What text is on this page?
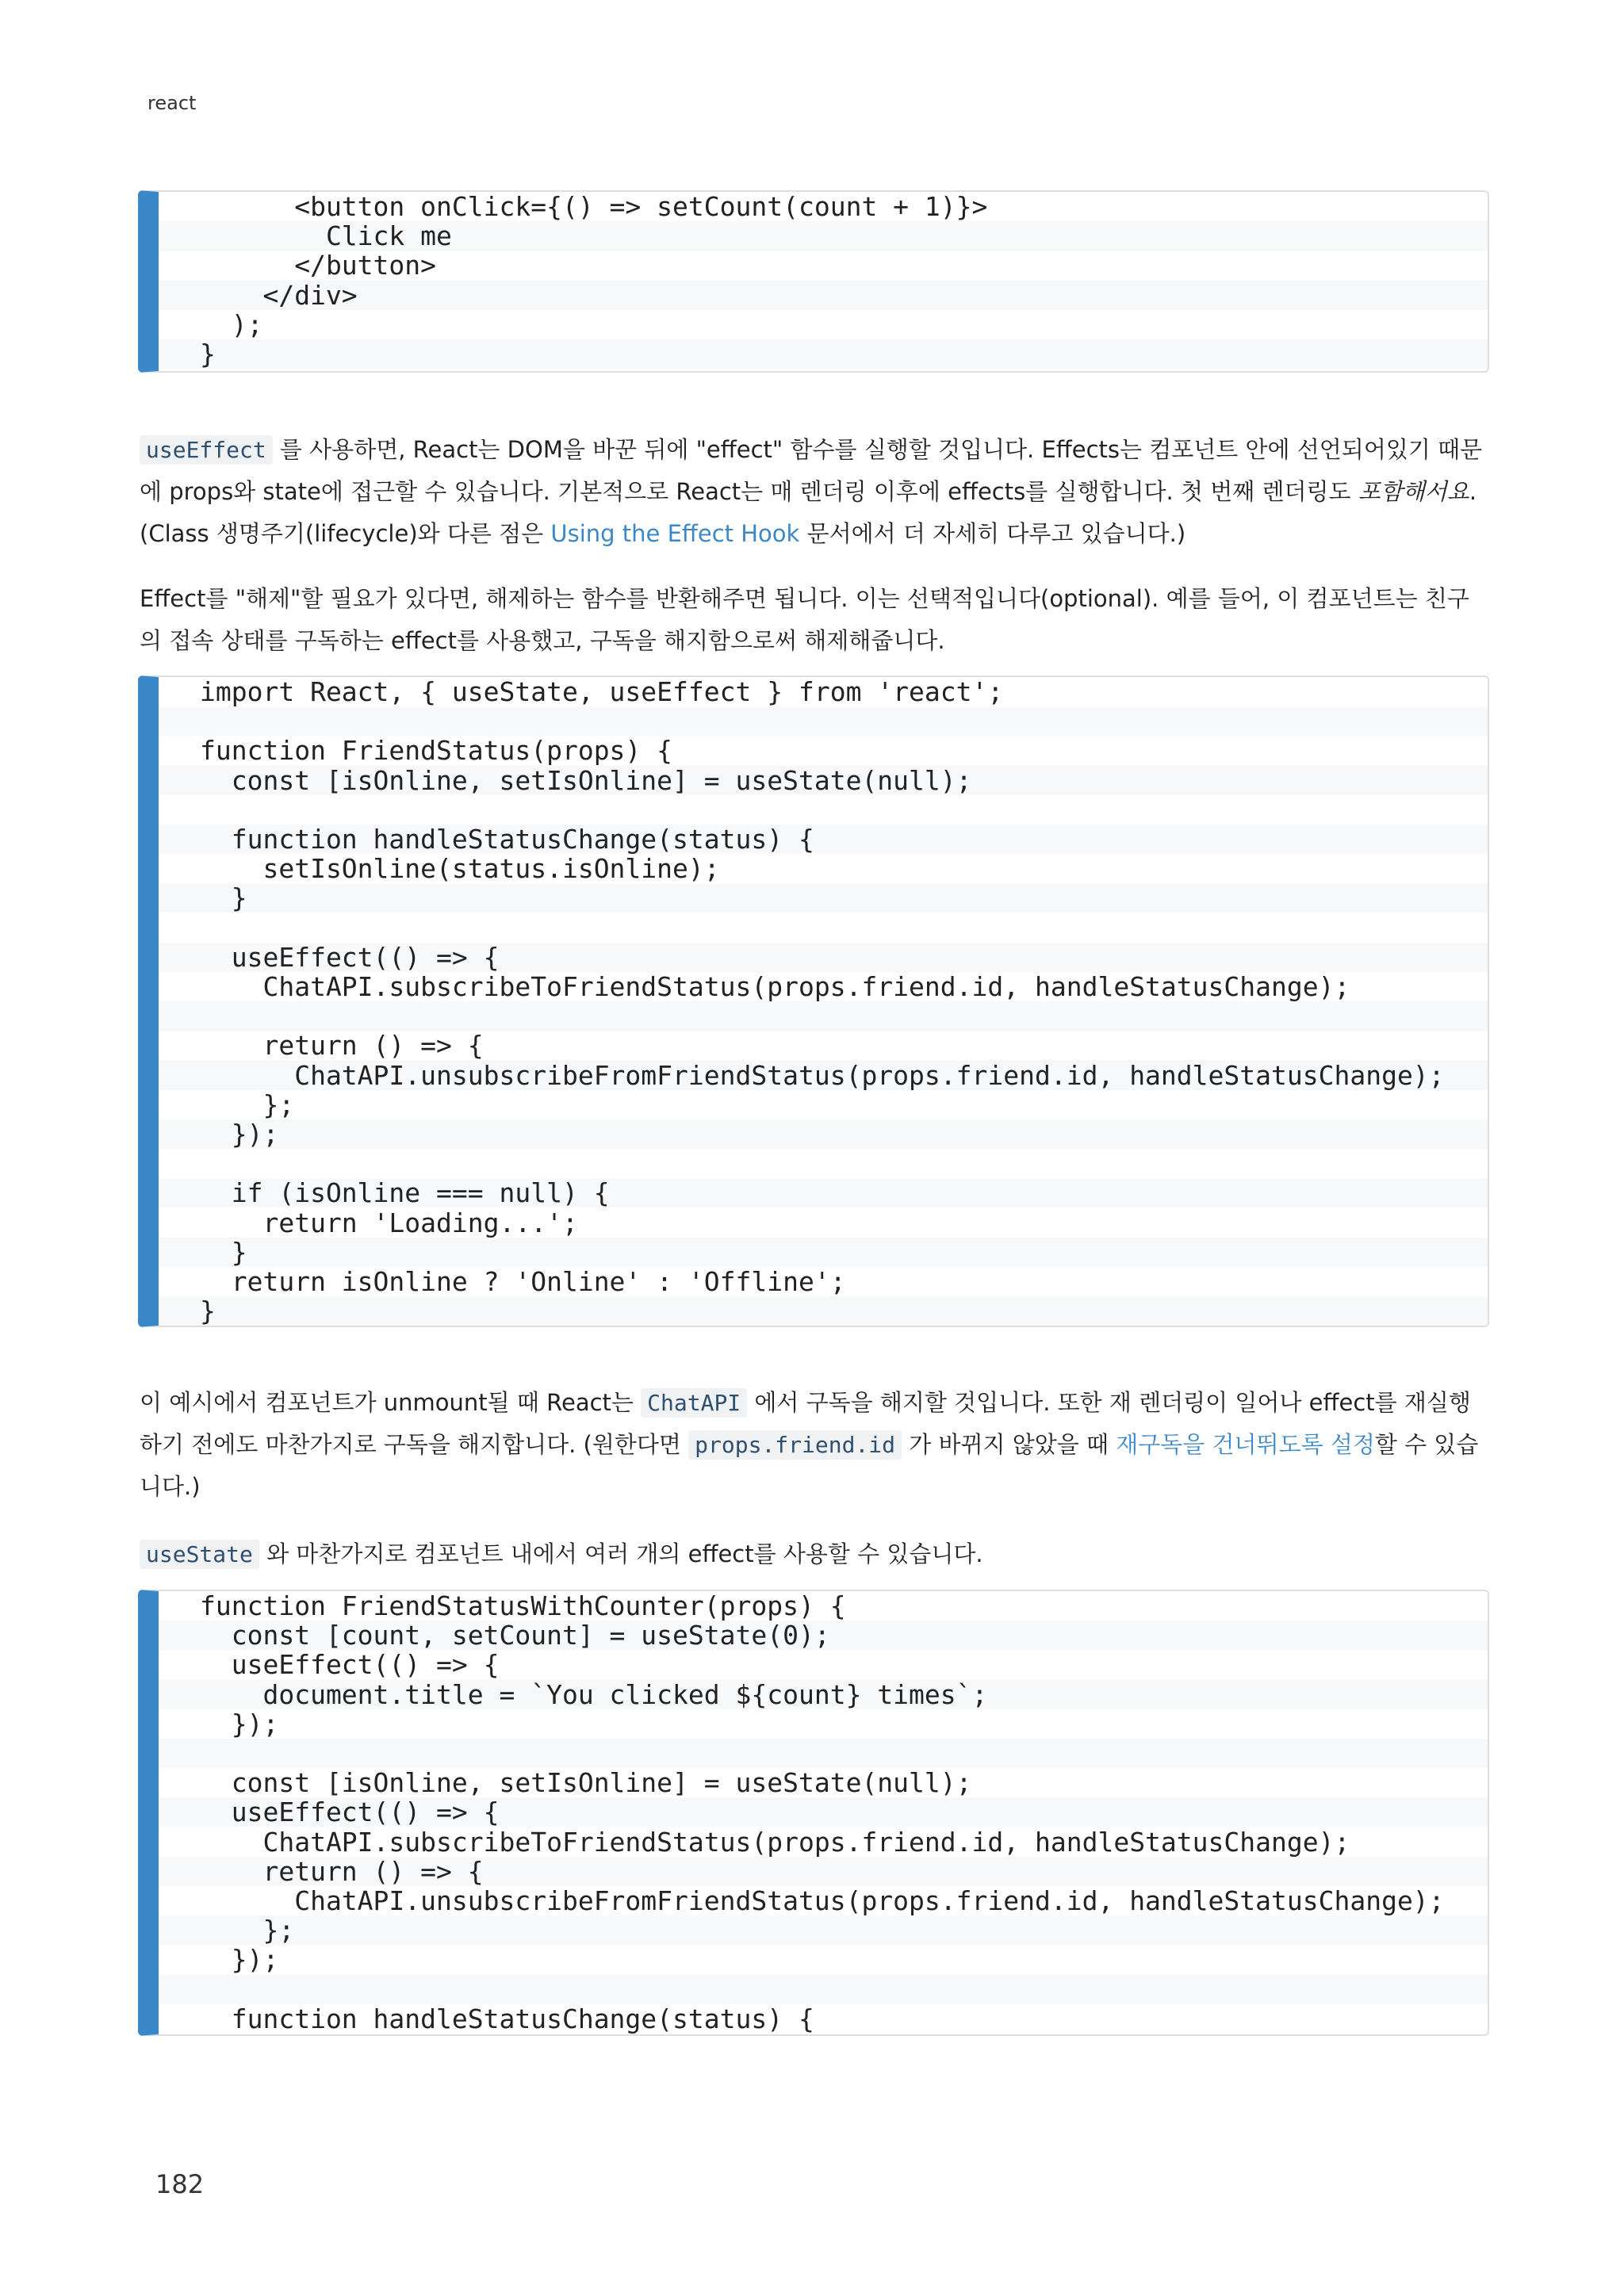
react
<button onClick={() => setCount(count + 1)}>
Click me
</button>
</div>
);
}

useEffect 를 사용하면, React는 DOM을 바꾼 뒤에 "effect" 함수를 실행할 것입니다. Effects는 컴포넌트 안에 선언되어있기 때문에 props와 state에 접근할 수 있습니다. 기본적으로 React는 매 렌더링 이후에 effects를 실행합니다. 첫 번째 렌더링도 포함해서요. (Class 생명주기(lifecycle)와 다른 점은 Using the Effect Hook 문서에서 더 자세히 다루고 있습니다.)

Effect를 "해제"할 필요가 있다면, 해제하는 함수를 반환해주면 됩니다. 이는 선택적입니다(optional). 예를 들어, 이 컴포넌트는 친구의 접속 상태를 구독하는 effect를 사용했고, 구독을 해지함으로써 해제해줍니다.

import React, { useState, useEffect } from 'react';

function FriendStatus(props) {
const [isOnline, setIsOnline] = useState(null);

function handleStatusChange(status) {
setIsOnline(status.isOnline);
}

useEffect(() => {
ChatAPI.subscribeToFriendStatus(props.friend.id, handleStatusChange);

return () => {
ChatAPI.unsubscribeFromFriendStatus(props.friend.id, handleStatusChange);
};
});

if (isOnline === null) {
return 'Loading...';
}
return isOnline ? 'Online' : 'Offline';
}

이 예시에서 컴포넌트가 unmount될 때 React는 ChatAPI 에서 구독을 해지할 것입니다. 또한 재 렌더링이 일어나 effect를 재실행하기 전에도 마찬가지로 구독을 해지합니다. (원한다면 props.friend.id 가 바뀌지 않았을 때 재구독을 건너뛰도록 설정할 수 있습니다.)

useState 와 마찬가지로 컴포넌트 내에서 여러 개의 effect를 사용할 수 있습니다.

function FriendStatusWithCounter(props) {
const [count, setCount] = useState(0);
useEffect(() => {
document.title = `You clicked ${count} times`;
});

const [isOnline, setIsOnline] = useState(null);
useEffect(() => {
ChatAPI.subscribeToFriendStatus(props.friend.id, handleStatusChange);
return () => {
ChatAPI.unsubscribeFromFriendStatus(props.friend.id, handleStatusChange);
};
});

function handleStatusChange(status) {
182
